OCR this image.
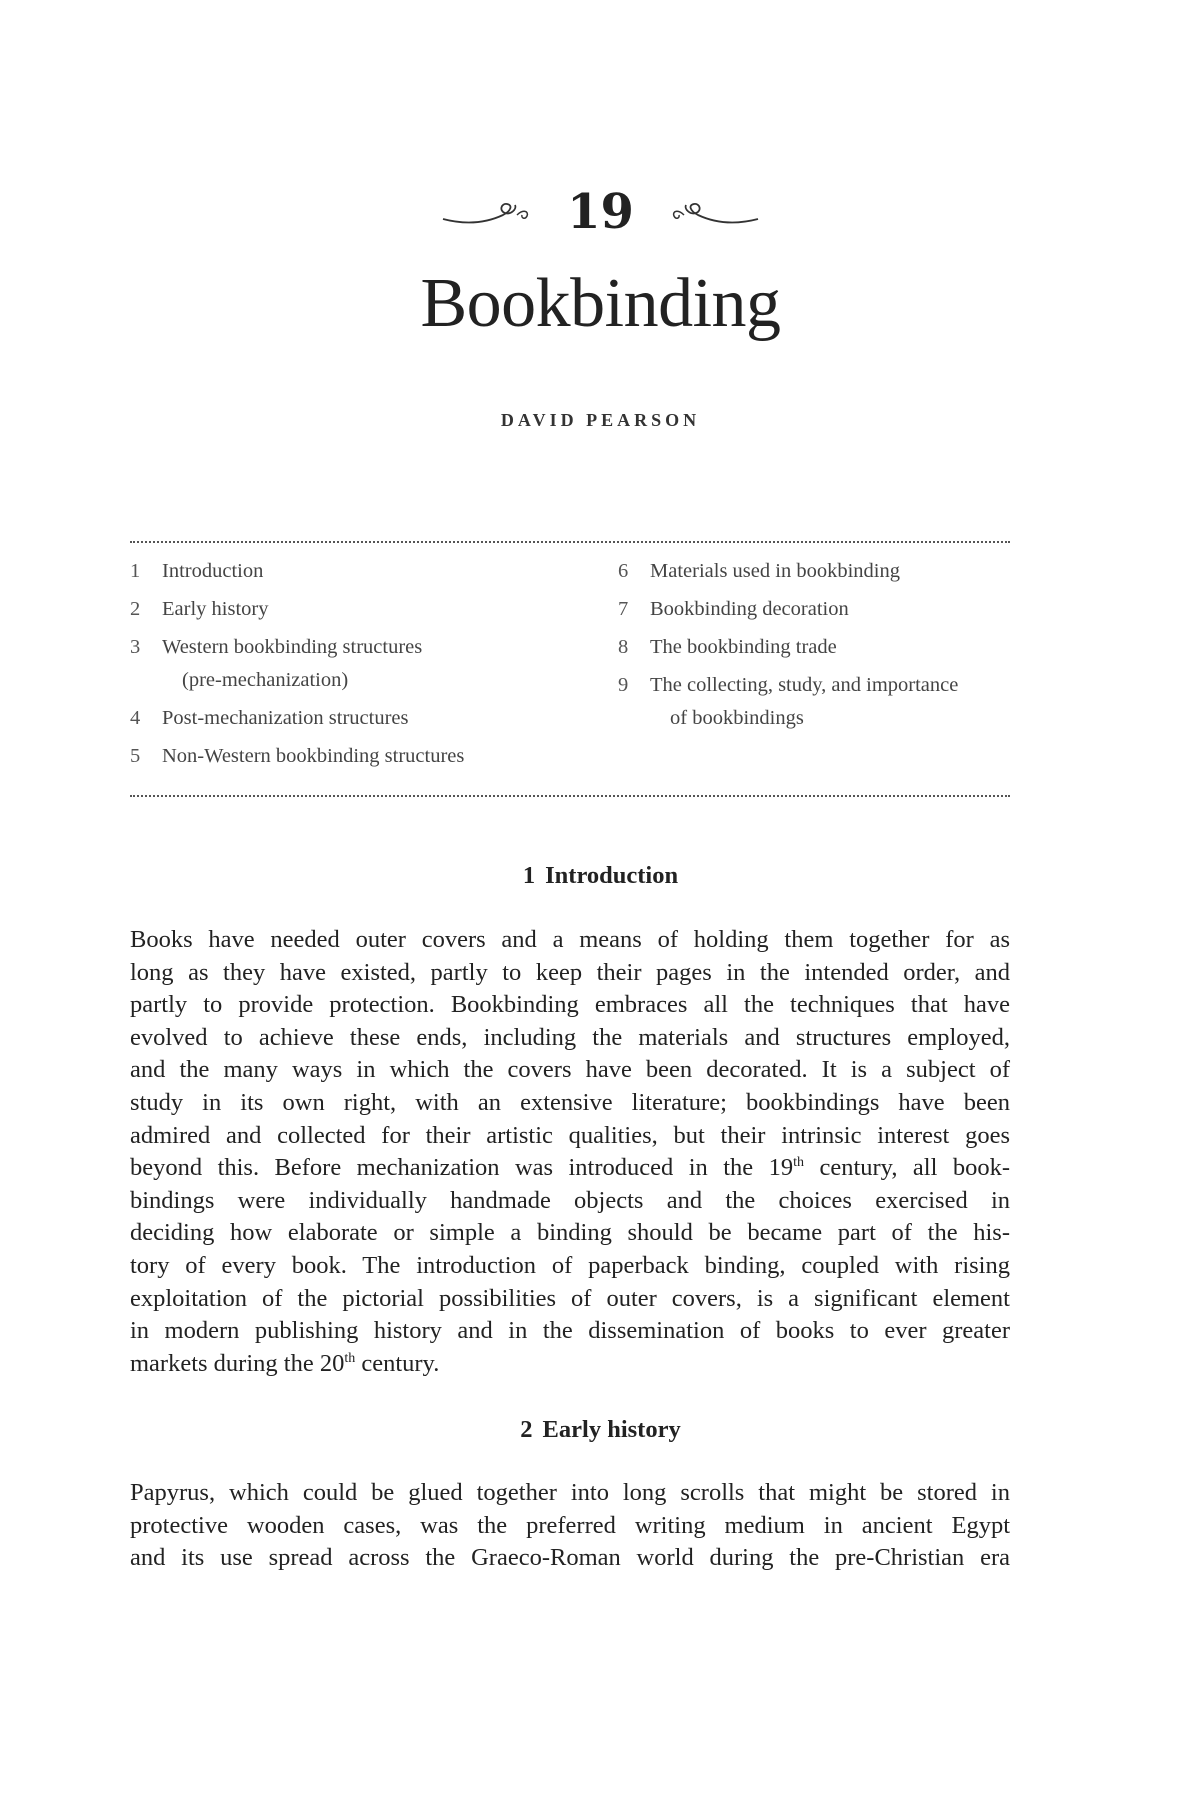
19
Bookbinding
DAVID PEARSON
1 Introduction
2 Early history
3 Western bookbinding structures
(pre-mechanization)
4 Post-mechanization structures
5 Non-Western bookbinding structures
6 Materials used in bookbinding
7 Bookbinding decoration
8 The bookbinding trade
9 The collecting, study, and importance
of bookbindings
1 Introduction

Books have needed outer covers and a means of holding them together for as
long as they have existed, partly to keep their pages in the intended order, and
partly to provide protection. Bookbinding embraces all the techniques that have
evolved to achieve these ends, including the materials and structures employed,
and the many ways in which the covers have been decorated. It is a subject of
study in its own right, with an extensive literature; bookbindings have been
admired and collected for their artistic qualities, but their intrinsic interest goes
beyond this. Before mechanization was introduced in the 19th century, all book-
bindings were individually handmade objects and the choices exercised in
deciding how elaborate or simple a binding should be became part of the his-
tory of every book. The introduction of paperback binding, coupled with rising
exploitation of the pictorial possibilities of outer covers, is a significant element
in modern publishing history and in the dissemination of books to ever greater
markets during the 20th century.

2 Early history

Papyrus, which could be glued together into long scrolls that might be stored in
protective wooden cases, was the preferred writing medium in ancient Egypt
and its use spread across the Graeco-Roman world during the pre-Christian era
